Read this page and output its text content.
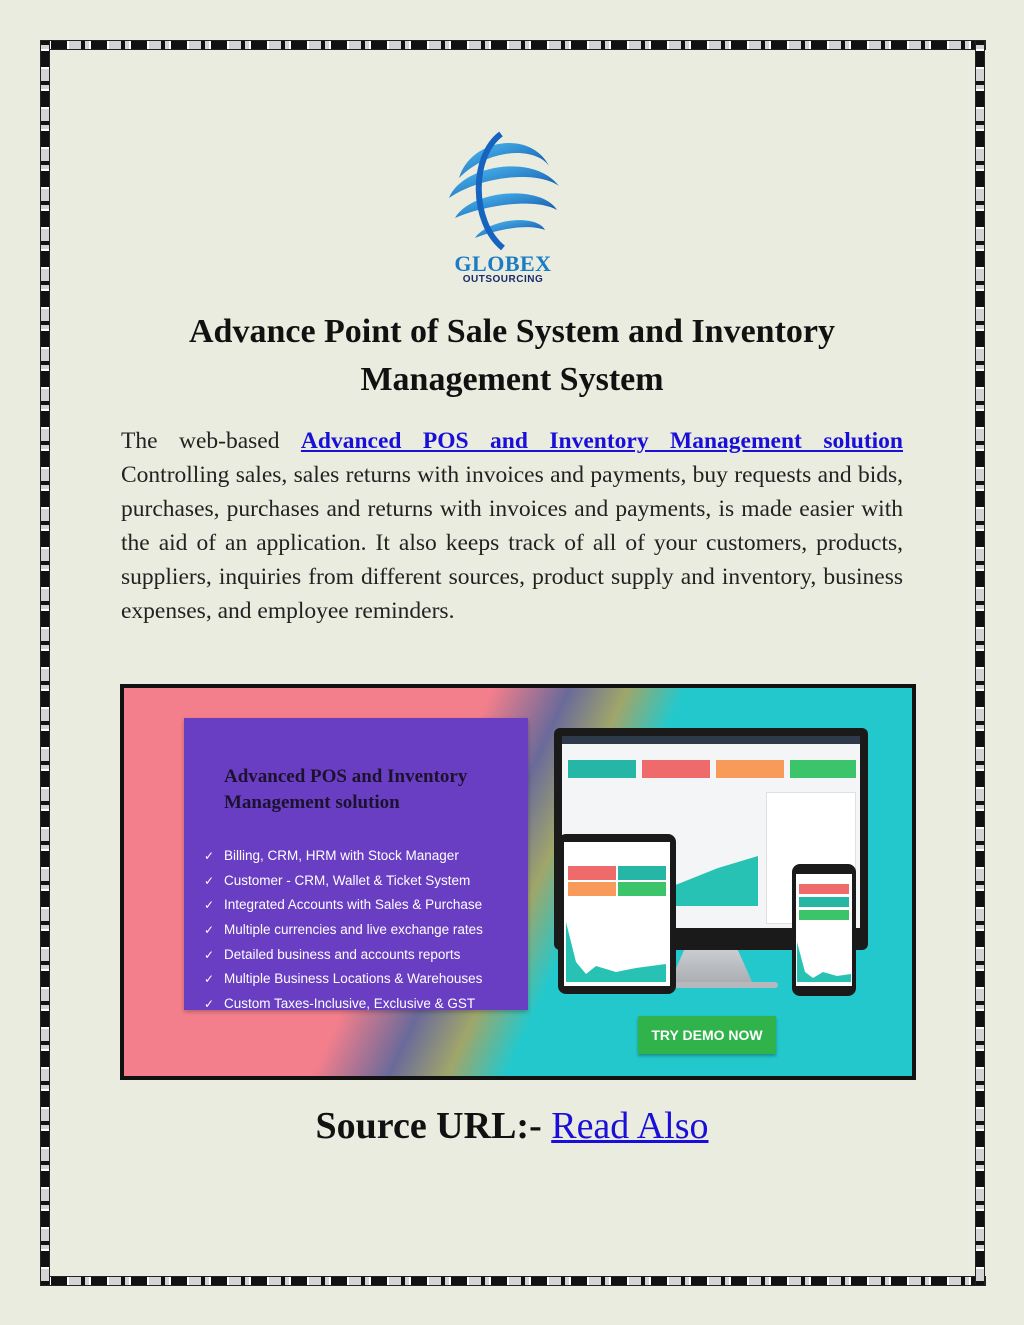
GLOBEX
OUTSOURCING
Advance Point of Sale System and Inventory Management System

The web-based Advanced POS and Inventory Management solution Controlling sales, sales returns with invoices and payments, buy requests and bids, purchases, purchases and returns with invoices and payments, is made easier with the aid of an application. It also keeps track of all of your customers, products, suppliers, inquiries from different sources, product supply and inventory, business expenses, and employee reminders.

Advanced POS and Inventory Management solution
✓ Billing, CRM, HRM with Stock Manager
✓ Customer - CRM, Wallet & Ticket System
✓ Integrated Accounts with Sales & Purchase
✓ Multiple currencies and live exchange rates
✓ Detailed business and accounts reports
✓ Multiple Business Locations & Warehouses
✓ Custom Taxes-Inclusive, Exclusive & GST
TRY DEMO NOW

Source URL:- Read Also
